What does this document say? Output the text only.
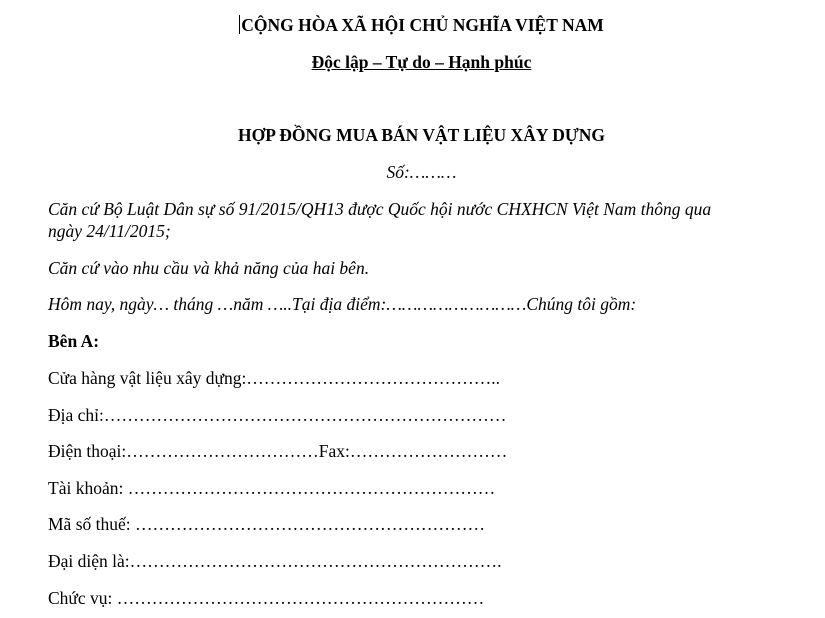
CỘNG HÒA XÃ HỘI CHỦ NGHĨA VIỆT NAM
Độc lập – Tự do – Hạnh phúc
HỢP ĐỒNG MUA BÁN VẬT LIỆU XÂY DỰNG
Số:………
Căn cứ Bộ Luật Dân sự số 91/2015/QH13 được Quốc hội nước CHXHCN Việt Nam thông qua
ngày 24/11/2015;
Căn cứ vào nhu cầu và khả năng của hai bên.
Hôm nay, ngày… tháng …năm …..Tại địa điểm:………………………Chúng tôi gồm:
Bên A:
Cửa hàng vật liệu xây dựng:……………………………………..
Địa chỉ:……………………………………………………………
Điện thoại:……………………………Fax:………………………
Tài khoản: ………………………………………………………
Mã số thuế: ……………………………………………………
Đại diện là:……………………………………………………….
Chức vụ: ………………………………………………………
